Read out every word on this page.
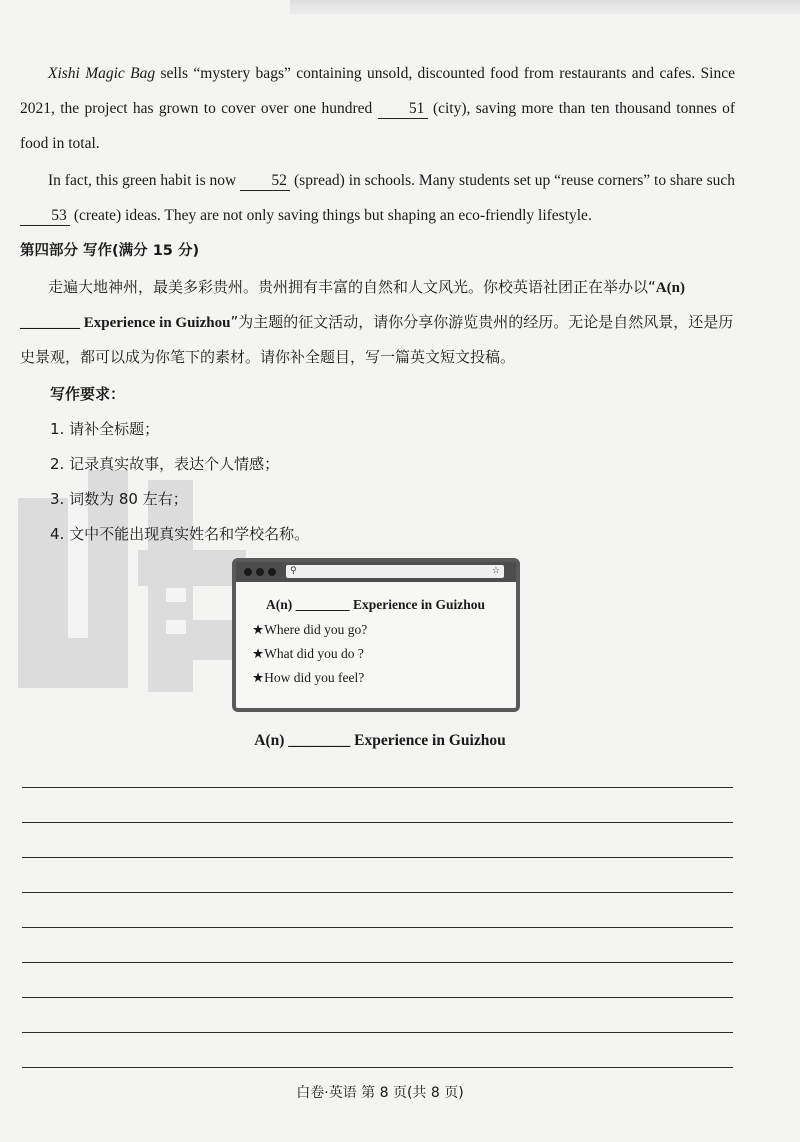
Xishi Magic Bag sells “mystery bags” containing unsold, discounted food from restaurants and cafes. Since 2021, the project has grown to cover over one hundred 51 (city), saving more than ten thousand tonnes of food in total.
In fact, this green habit is now 52 (spread) in schools. Many students set up “reuse corners” to share such 53 (create) ideas. They are not only saving things but shaping an eco-friendly lifestyle.
第四部分 写作(满分 15 分)
走遍大地神州，最美多彩贵州。贵州拥有丰富的自然和人文风光。你校英语社团正在举办以“A(n) ________ Experience in Guizhou”为主题的征文活动，请你分享你游览贵州的经历。无论是自然风景，还是历史景观，都可以成为你笔下的素材。请你补全题目，写一篇英文短文投稿。
写作要求：
1. 请补全标题；
2. 记录真实故事，表达个人情感；
3. 词数为 80 左右；
4. 文中不能出现真实姓名和学校名称。
⚲	☆
A(n) ________ Experience in Guizhou
★Where did you go?
★What did you do ?
★How did you feel?
A(n) ________ Experience in Guizhou
白卷·英语 第 8 页(共 8 页)
